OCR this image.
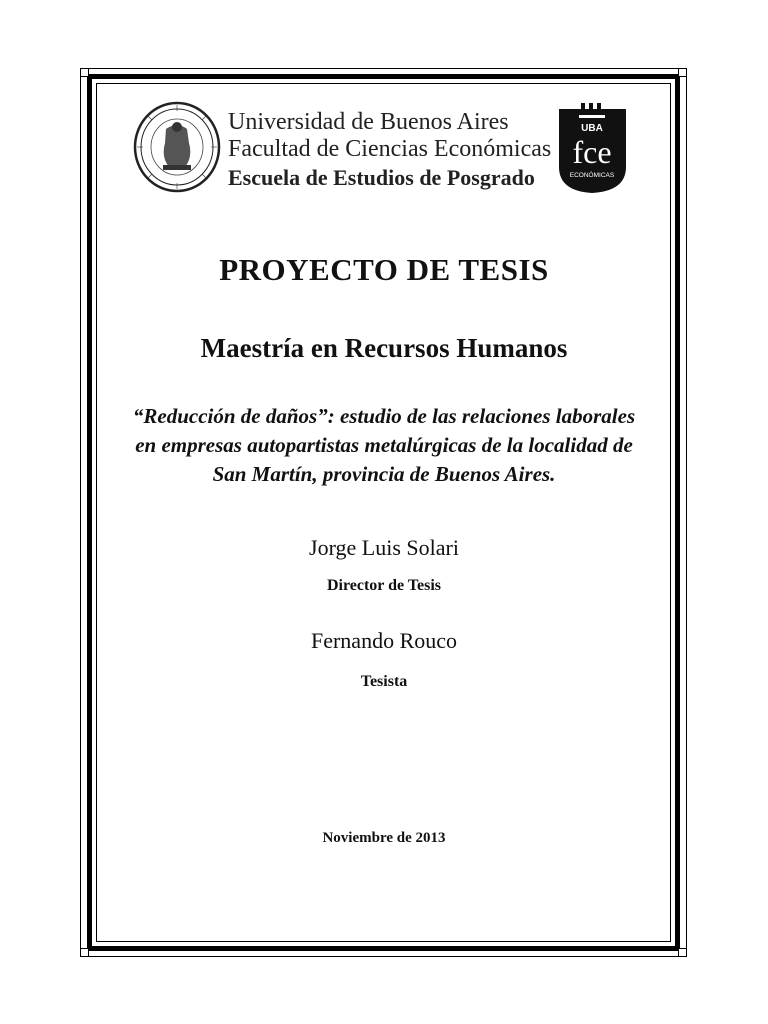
Universidad de Buenos Aires
Facultad de Ciencias Económicas
Escuela de Estudios de Posgrado
UBA
fce
ECONÓMICAS
PROYECTO DE TESIS
Maestría en Recursos Humanos
“Reducción de daños”: estudio de las relaciones laborales
en empresas autopartistas metalúrgicas de la localidad de
San Martín, provincia de Buenos Aires.
Jorge Luis Solari
Director de Tesis
Fernando Rouco
Tesista
Noviembre de 2013
